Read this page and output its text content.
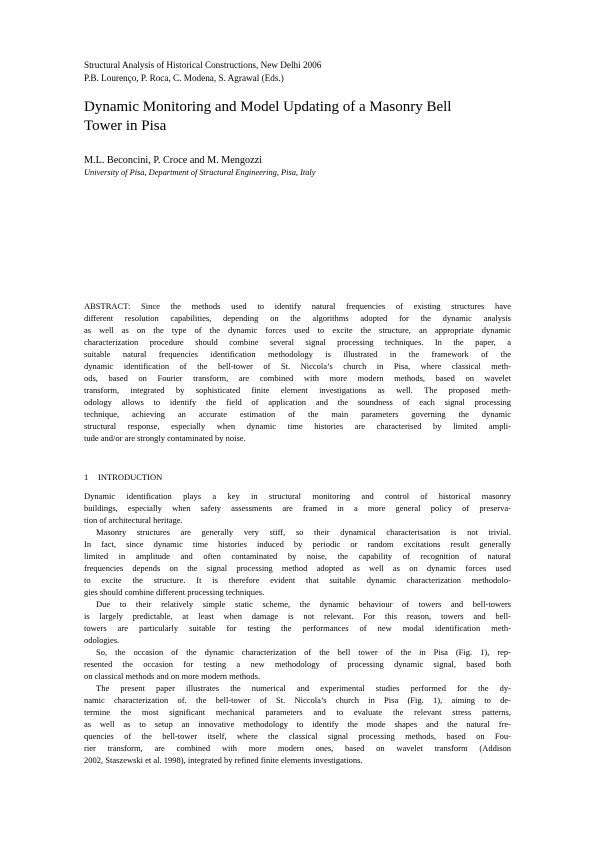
Structural Analysis of Historical Constructions, New Delhi 2006
P.B. Lourenço, P. Roca, C. Modena, S. Agrawal (Eds.)
Dynamic Monitoring and Model Updating of a Masonry Bell
Tower in Pisa
M.L. Beconcini, P. Croce and M. Mengozzi
University of Pisa, Department of Structural Engineering, Pisa, Italy
ABSTRACT: Since the methods used to identify natural frequencies of existing structures have
different resolution capabilities, depending on the algorithms adopted for the dynamic analysis
as well as on the type of the dynamic forces used to excite the structure, an appropriate dynamic
characterization procedure should combine several signal processing techniques. In the paper, a
suitable natural frequencies identification methodology is illustrated in the framework of the
dynamic identification of the bell-tower of St. Niccola’s church in Pisa, where classical meth-
ods, based on Fourier transform, are combined with more modern methods, based on wavelet
transform, integrated by sophisticated finite element investigations as well. The proposed meth-
odology allows to identify the field of application and the soundness of each signal processing
technique, achieving an accurate estimation of the main parameters governing the dynamic
structural response, especially when dynamic time histories are characterised by limited ampli-
tude and/or are strongly contaminated by noise.
1 INTRODUCTION
Dynamic identification plays a key in structural monitoring and control of historical masonry
buildings, especially when safety assessments are framed in a more general policy of preserva-
tion of architectural heritage.
Masonry structures are generally very stiff, so their dynamical characterisation is not trivial.
In fact, since dynamic time histories induced by periodic or random excitations result generally
limited in amplitude and often contaminated by noise, the capability of recognition of natural
frequencies depends on the signal processing method adopted as well as on dynamic forces used
to excite the structure. It is therefore evident that suitable dynamic characterization methodolo-
gies should combine different processing techniques.
Due to their relatively simple static scheme, the dynamic behaviour of towers and bell-towers
is largely predictable, at least when damage is not relevant. For this reason, towers and bell-
towers are particularly suitable for testing the performances of new modal identification meth-
odologies.
So, the occasion of the dynamic characterization of the bell tower of the in Pisa (Fig. 1), rep-
resented the occasion for testing a new methodology of processing dynamic signal, based both
on classical methods and on more modern methods.
The present paper illustrates the numerical and experimental studies performed for the dy-
namic characterization of. the bell-tower of St. Niccola’s church in Pisa (Fig. 1), aiming to de-
termine the most significant mechanical parameters and to evaluate the relevant stress patterns,
as well as to setup an innovative methodology to identify the mode shapes and the natural fre-
quencies of the bell-tower itself, where the classical signal processing methods, based on Fou-
rier transform, are combined with more modern ones, based on wavelet transform (Addison
2002, Staszewski et al. 1998), integrated by refined finite elements investigations.
